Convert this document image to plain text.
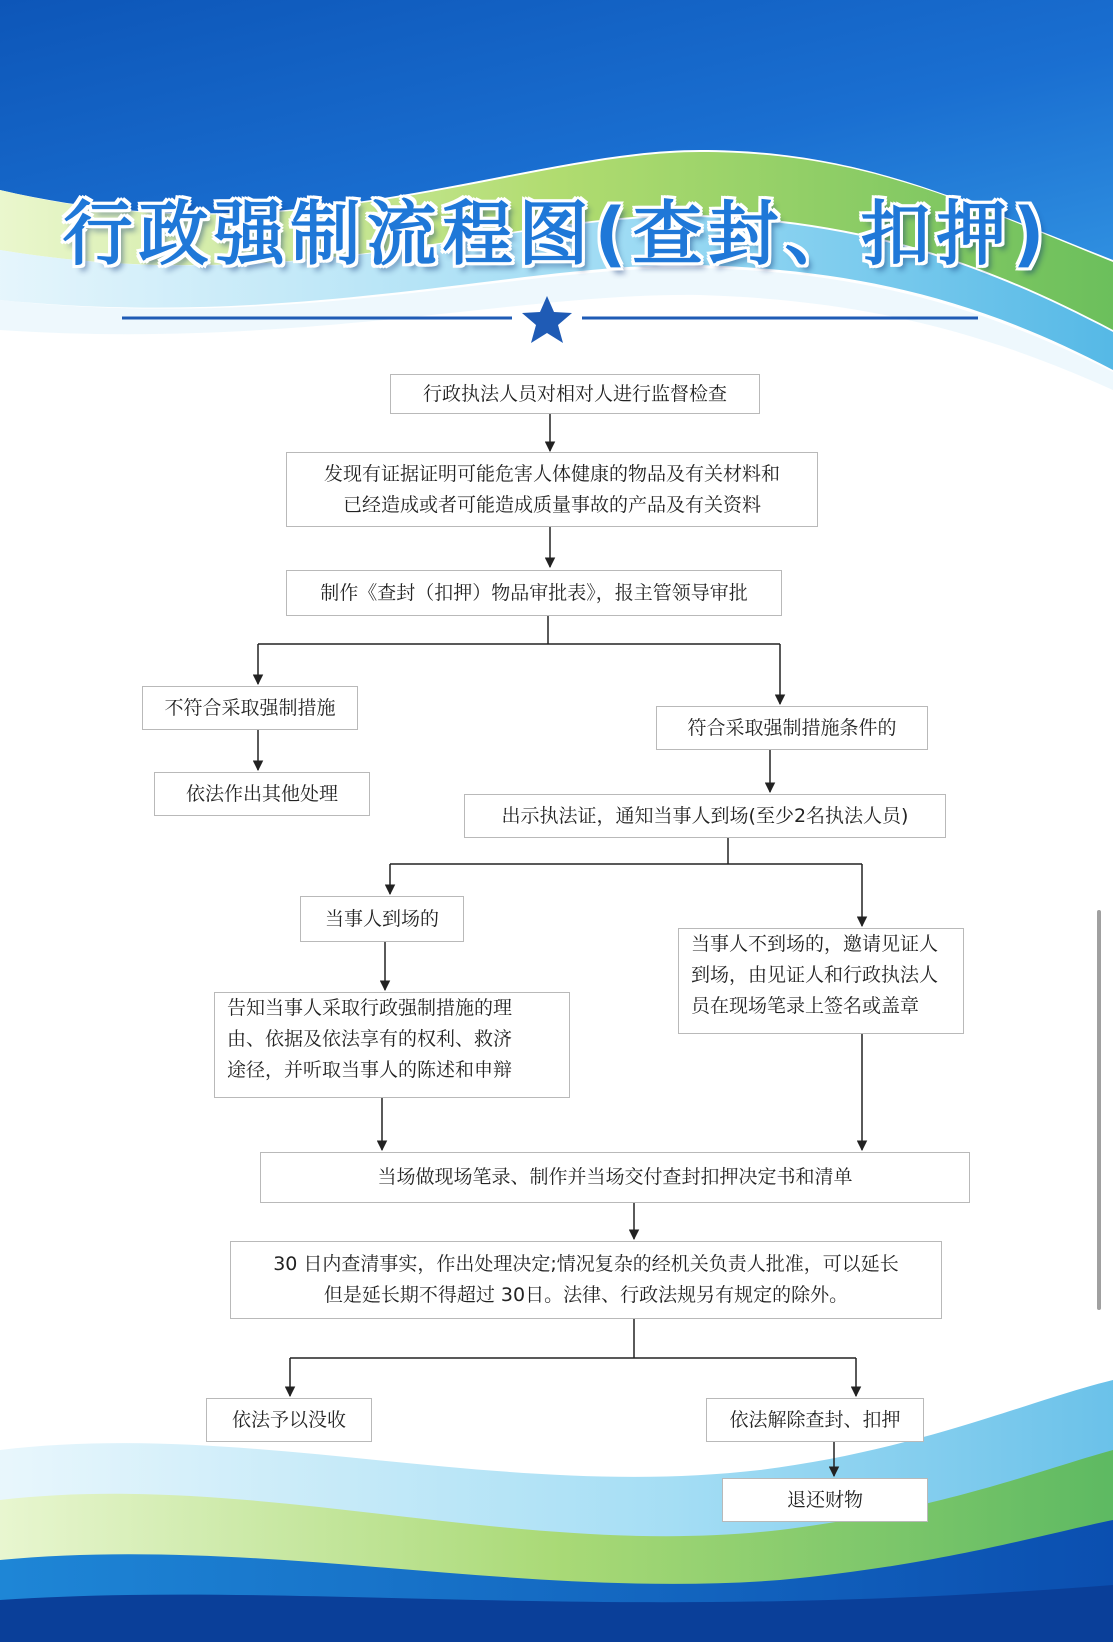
行政强制流程图(查封、扣押)
行政执法人员对相对人进行监督检查
发现有证据证明可能危害人体健康的物品及有关材料和
已经造成或者可能造成质量事故的产品及有关资料
制作《查封（扣押）物品审批表》，报主管领导审批
不符合采取强制措施
依法作出其他处理
符合采取强制措施条件的
出示执法证，通知当事人到场(至少2名执法人员)
当事人到场的
告知当事人采取行政强制措施的理
由、依据及依法享有的权利、救济
途径，并听取当事人的陈述和申辩
当事人不到场的，邀请见证人
到场，由见证人和行政执法人
员在现场笔录上签名或盖章
当场做现场笔录、制作并当场交付查封扣押决定书和清单
30 日内查清事实，作出处理决定;情况复杂的经机关负责人批准，可以延长
但是延长期不得超过 30日。法律、行政法规另有规定的除外。
依法予以没收	依法解除查封、扣押
退还财物
